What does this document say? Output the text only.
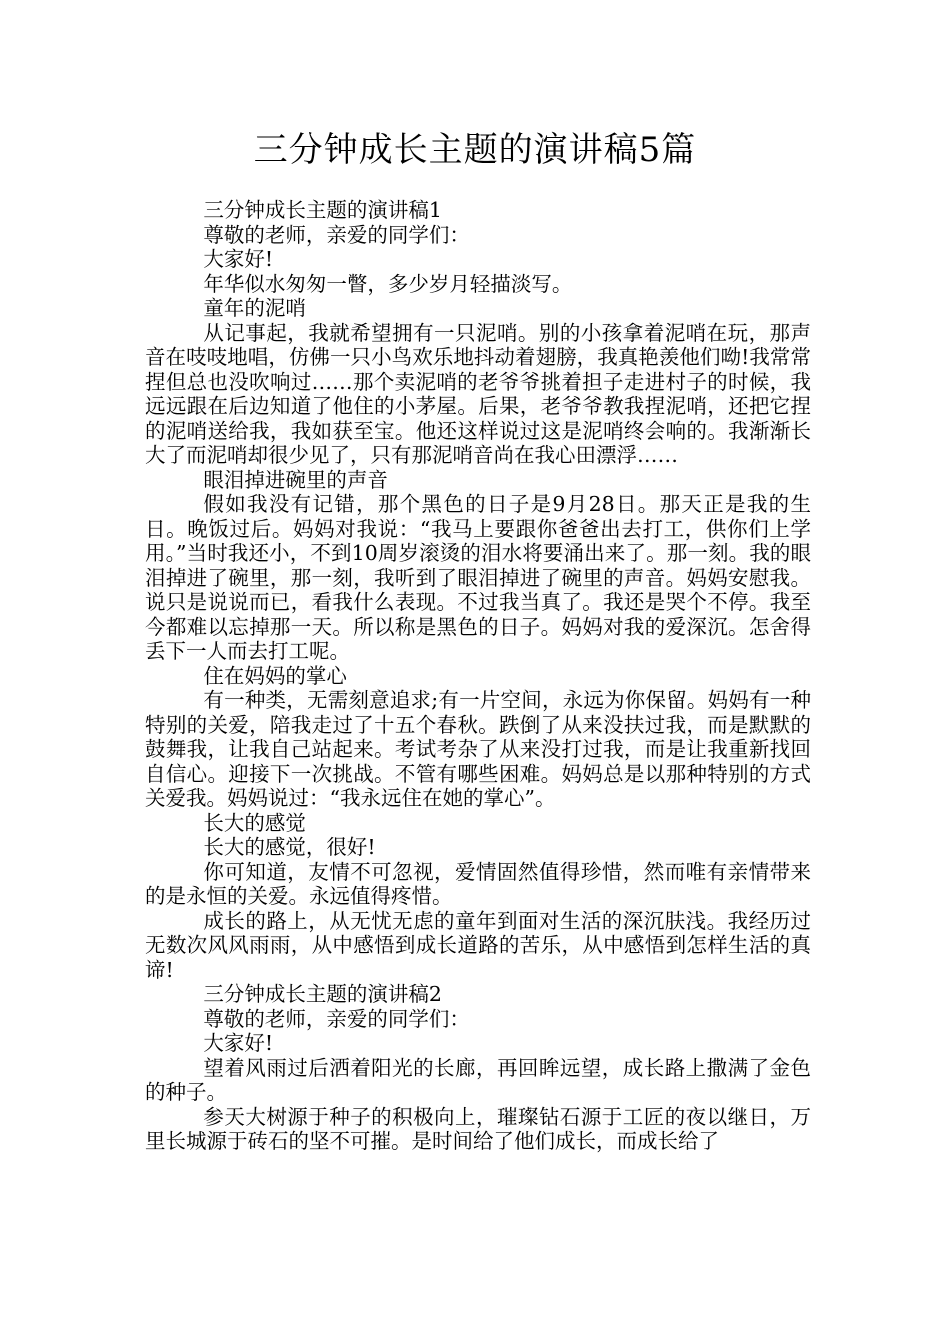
三分钟成长主题的演讲稿5篇

三分钟成长主题的演讲稿1

尊敬的老师，亲爱的同学们：

大家好!

年华似水匆匆一瞥，多少岁月轻描淡写。

童年的泥哨

从记事起，我就希望拥有一只泥哨。别的小孩拿着泥哨在玩，那声音在吱吱地唱，仿佛一只小鸟欢乐地抖动着翅膀，我真艳羡他们呦!我常常捏但总也没吹响过……那个卖泥哨的老爷爷挑着担子走进村子的时候，我远远跟在后边知道了他住的小茅屋。后果，老爷爷教我捏泥哨，还把它捏的泥哨送给我，我如获至宝。他还这样说过这是泥哨终会响的。我渐渐长大了而泥哨却很少见了，只有那泥哨音尚在我心田漂浮……

眼泪掉进碗里的声音

假如我没有记错，那个黑色的日子是9月28日。那天正是我的生日。晚饭过后。妈妈对我说：“我马上要跟你爸爸出去打工，供你们上学用。”当时我还小，不到10周岁滚烫的泪水将要涌出来了。那一刻。我的眼泪掉进了碗里，那一刻，我听到了眼泪掉进了碗里的声音。妈妈安慰我。说只是说说而已，看我什么表现。不过我当真了。我还是哭个不停。我至今都难以忘掉那一天。所以称是黑色的日子。妈妈对我的爱深沉。怎舍得丢下一人而去打工呢。

住在妈妈的掌心

有一种类，无需刻意追求;有一片空间，永远为你保留。妈妈有一种特别的关爱，陪我走过了十五个春秋。跌倒了从来没扶过我，而是默默的鼓舞我，让我自己站起来。考试考杂了从来没打过我，而是让我重新找回自信心。迎接下一次挑战。不管有哪些困难。妈妈总是以那种特别的方式关爱我。妈妈说过：“我永远住在她的掌心”。

长大的感觉

长大的感觉，很好!

你可知道，友情不可忽视，爱情固然值得珍惜，然而唯有亲情带来的是永恒的关爱。永远值得疼惜。

成长的路上，从无忧无虑的童年到面对生活的深沉肤浅。我经历过无数次风风雨雨，从中感悟到成长道路的苦乐，从中感悟到怎样生活的真谛!

三分钟成长主题的演讲稿2

尊敬的老师，亲爱的同学们：

大家好!

望着风雨过后洒着阳光的长廊，再回眸远望，成长路上撒满了金色的种子。

参天大树源于种子的积极向上，璀璨钻石源于工匠的夜以继日，万里长城源于砖石的坚不可摧。是时间给了他们成长，而成长给了
